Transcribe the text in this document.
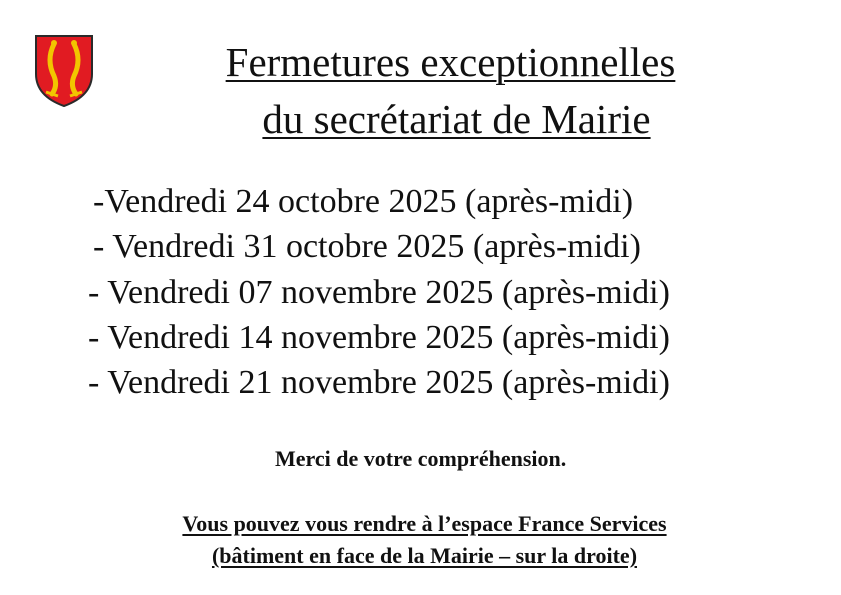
Fermetures exceptionnelles
du secrétariat de Mairie
-Vendredi 24 octobre 2025 (après-midi)
- Vendredi 31 octobre 2025 (après-midi)
- Vendredi 07 novembre 2025 (après-midi)
- Vendredi 14 novembre 2025 (après-midi)
- Vendredi 21 novembre 2025 (après-midi)
Merci de votre compréhension.
Vous pouvez vous rendre à l’espace France Services
(bâtiment en face de la Mairie – sur la droite)
